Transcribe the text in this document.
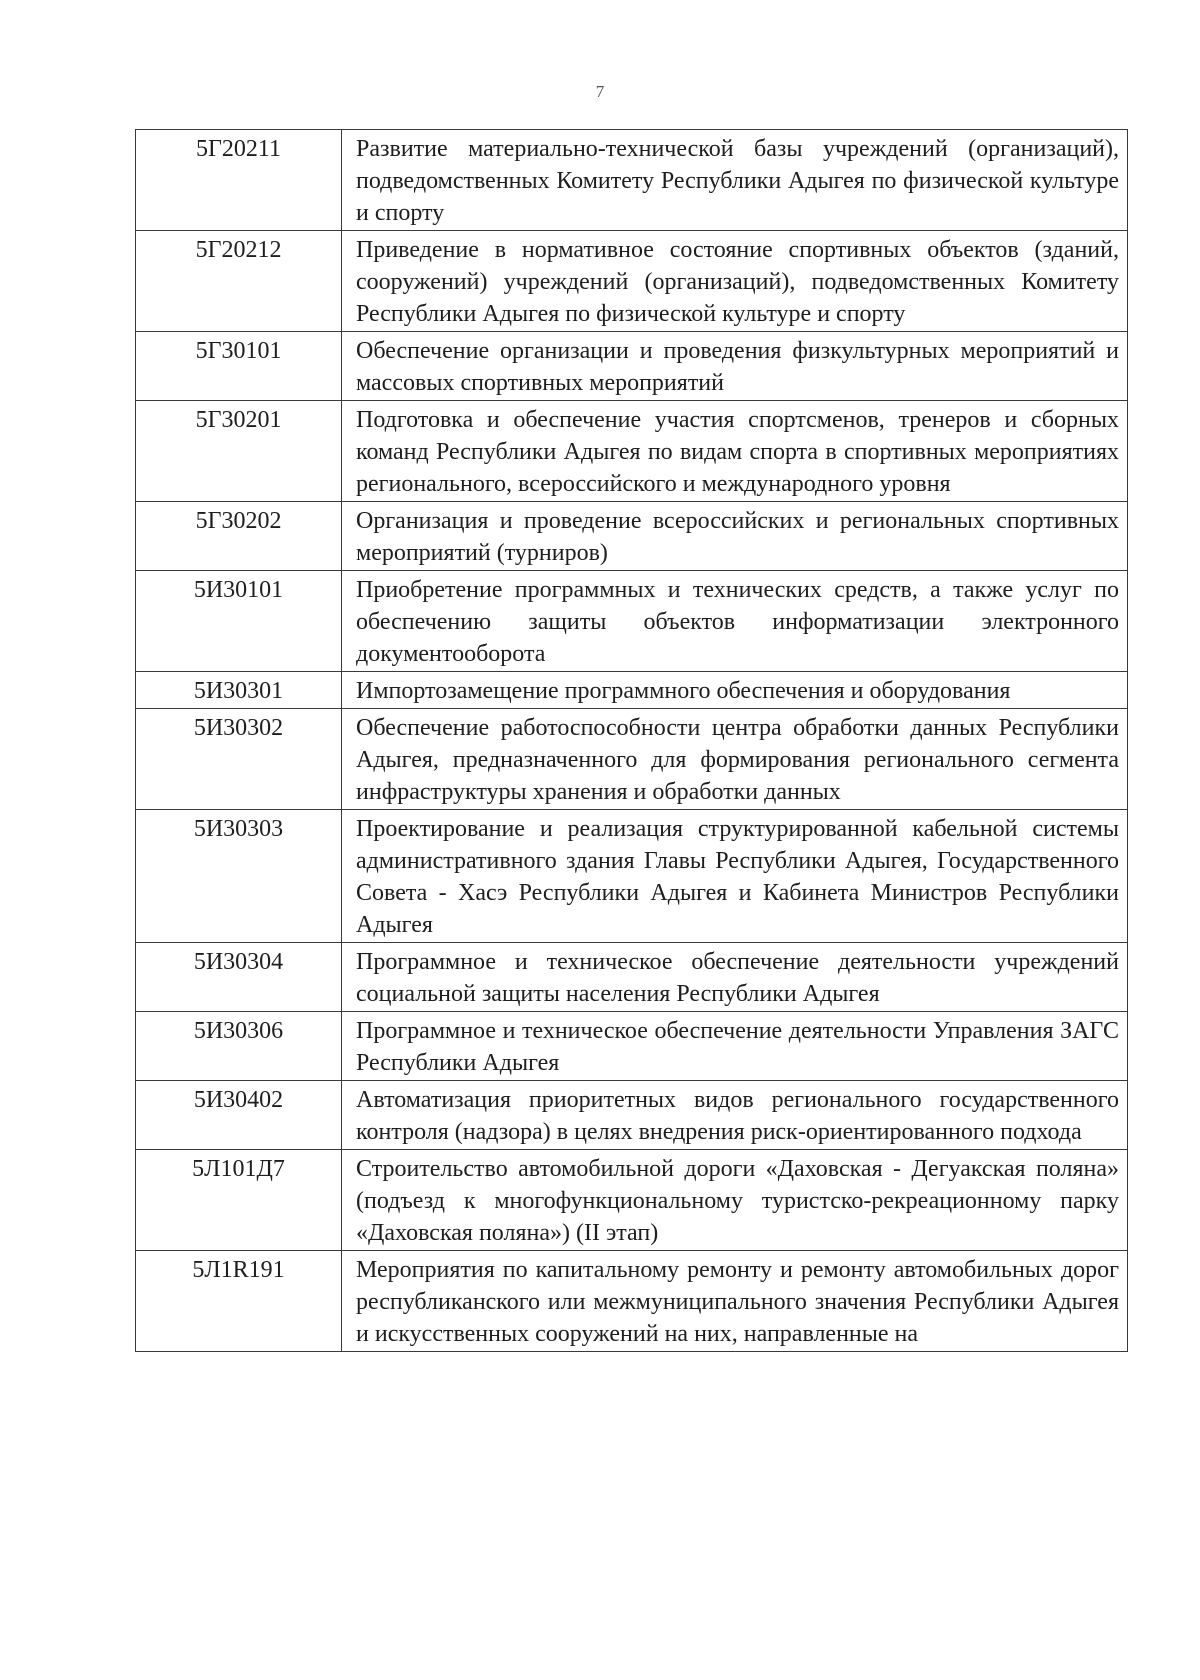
7
5Г20211	Развитие материально-технической базы учреждений (организаций), подведомственных Комитету Республики Адыгея по физической культуре и спорту
5Г20212	Приведение в нормативное состояние спортивных объектов (зданий, сооружений) учреждений (организаций), подведомственных Комитету Республики Адыгея по физической культуре и спорту
5Г30101	Обеспечение организации и проведения физкультурных мероприятий и массовых спортивных мероприятий
5Г30201	Подготовка и обеспечение участия спортсменов, тренеров и сборных команд Республики Адыгея по видам спорта в спортивных мероприятиях регионального, всероссийского и международного уровня
5Г30202	Организация и проведение всероссийских и региональных спортивных мероприятий (турниров)
5И30101	Приобретение программных и технических средств, а также услуг по обеспечению защиты объектов информатизации электронного документооборота
5И30301	Импортозамещение программного обеспечения и оборудования
5И30302	Обеспечение работоспособности центра обработки данных Республики Адыгея, предназначенного для формирования регионального сегмента инфраструктуры хранения и обработки данных
5И30303	Проектирование и реализация структурированной кабельной системы административного здания Главы Республики Адыгея, Государственного Совета - Хасэ Республики Адыгея и Кабинета Министров Республики Адыгея
5И30304	Программное и техническое обеспечение деятельности учреждений социальной защиты населения Республики Адыгея
5И30306	Программное и техническое обеспечение деятельности Управления ЗАГС Республики Адыгея
5И30402	Автоматизация приоритетных видов регионального государственного контроля (надзора) в целях внедрения риск-ориентированного подхода
5Л101Д7	Строительство автомобильной дороги «Даховская - Дегуакская поляна» (подъезд к многофункциональному туристско-рекреационному парку «Даховская поляна») (II этап)
5Л1R191	Мероприятия по капитальному ремонту и ремонту автомобильных дорог республиканского или межмуниципального значения Республики Адыгея и искусственных сооружений на них, направленные на
